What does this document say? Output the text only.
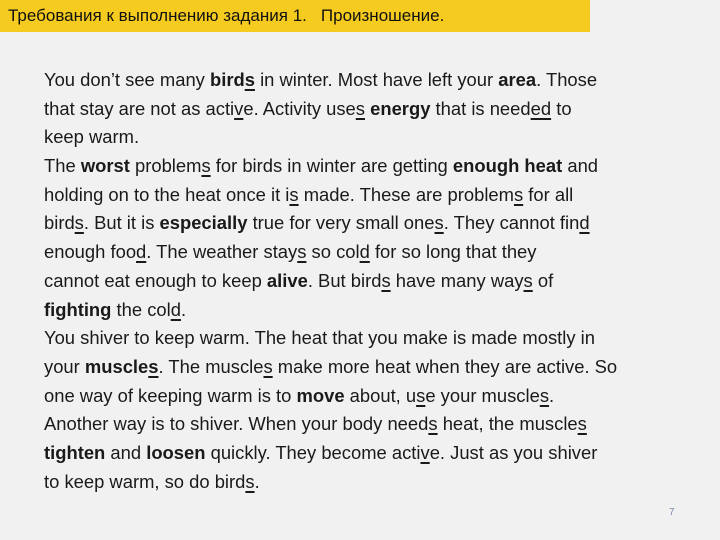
Требования к выполнению задания 1. Произношение.
You don’t see many birds in winter. Most have left your area. Those
that stay are not as active. Activity uses energy that is needed to
keep warm.
The worst problems for birds in winter are getting enough heat and
holding on to the heat once it is made. These are problems for all
birds. But it is especially true for very small ones. They cannot find
enough food. The weather stays so cold for so long that they
cannot eat enough to keep alive. But birds have many ways of
fighting the cold.
You shiver to keep warm. The heat that you make is made mostly in
your muscles. The muscles make more heat when they are active. So
one way of keeping warm is to move about, use your muscles.
Another way is to shiver. When your body needs heat, the muscles
tighten and loosen quickly. They become active. Just as you shiver
to keep warm, so do birds.
7
